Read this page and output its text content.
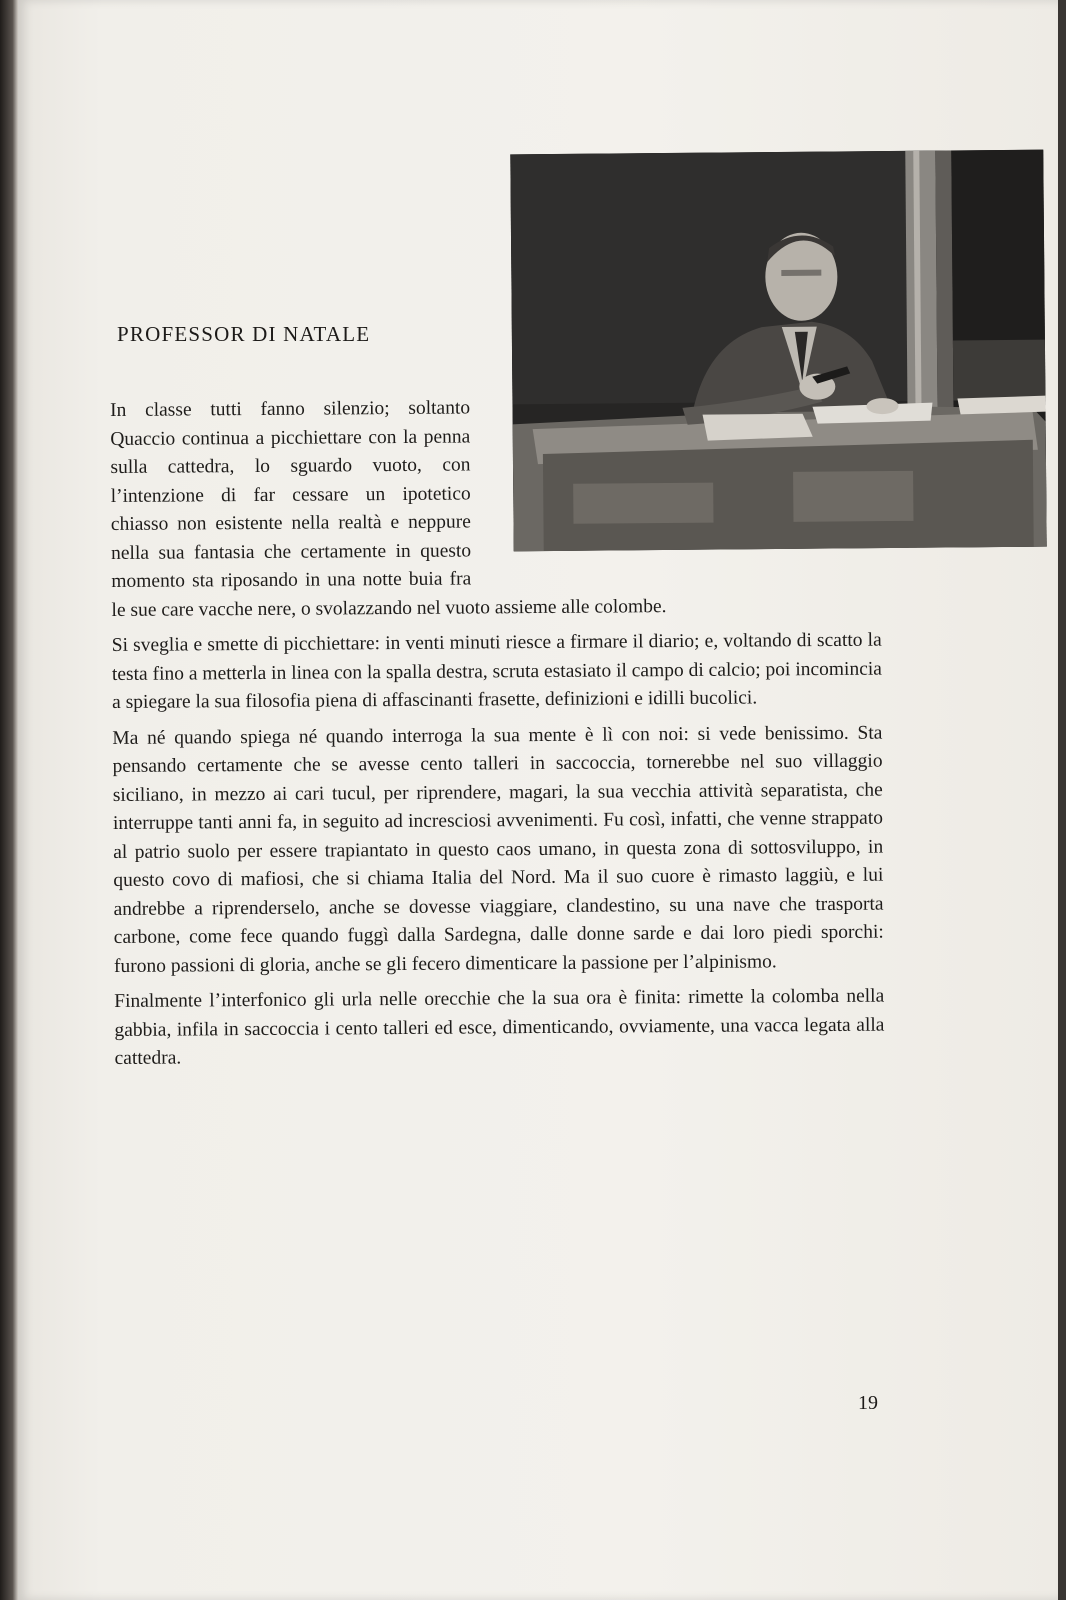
PROFESSOR DI NATALE

In classe tutti fanno silenzio; soltanto Quaccio continua a picchiettare con la penna sulla cattedra, lo sguardo vuoto, con l’intenzione di far cessare un ipotetico chiasso non esistente nella realtà e neppure nella sua fantasia che certamente in questo momento sta riposando in una notte buia fra le sue care vacche nere, o svolazzando nel vuoto assieme alle colombe.

Si sveglia e smette di picchiettare: in venti minuti riesce a firmare il diario; e, voltando di scatto la testa fino a metterla in linea con la spalla destra, scruta estasiato il campo di calcio; poi incomincia a spiegare la sua filosofia piena di affascinanti frasette, definizioni e idilli bucolici.

Ma né quando spiega né quando interroga la sua mente è lì con noi: si vede benissimo. Sta pensando certamente che se avesse cento talleri in saccoccia, tornerebbe nel suo villaggio siciliano, in mezzo ai cari tucul, per riprendere, magari, la sua vecchia attività separatista, che interruppe tanti anni fa, in seguito ad incresciosi avvenimenti. Fu così, infatti, che venne strappato al patrio suolo per essere trapiantato in questo caos umano, in questa zona di sottosviluppo, in questo covo di mafiosi, che si chiama Italia del Nord. Ma il suo cuore è rimasto laggiù, e lui andrebbe a riprenderselo, anche se dovesse viaggiare, clandestino, su una nave che trasporta carbone, come fece quando fuggì dalla Sardegna, dalle donne sarde e dai loro piedi sporchi: furono passioni di gloria, anche se gli fecero dimenticare la passione per l’alpinismo.

Finalmente l’interfonico gli urla nelle orecchie che la sua ora è finita: rimette la colomba nella gabbia, infila in saccoccia i cento talleri ed esce, dimenticando, ovviamente, una vacca legata alla cattedra.

19
